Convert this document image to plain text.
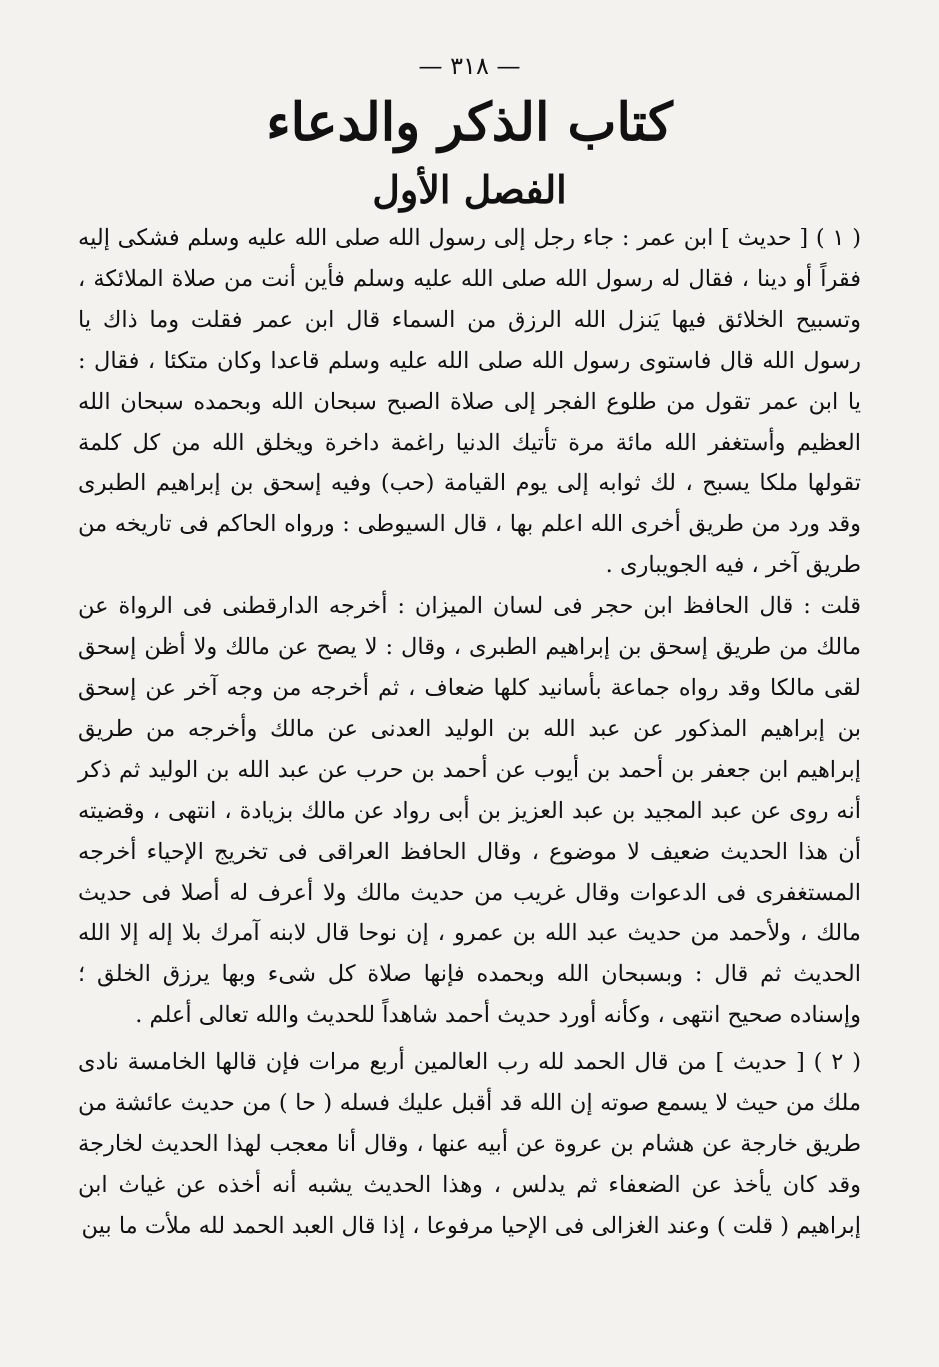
— ٣١٨ —
كتاب الذكر والدعاء
الفصل الأول

( ١ ) [ حديث ] ابن عمر : جاء رجل إلى رسول الله صلى الله عليه وسلم فشكى إليه فقراً أو دينا ، فقال له رسول الله صلى الله عليه وسلم فأين أنت من صلاة الملائكة ، وتسبيح الخلائق فيها يَنزل الله الرزق من السماء قال ابن عمر فقلت وما ذاك يا رسول الله قال فاستوى رسول الله صلى الله عليه وسلم قاعدا وكان متكئا ، فقال : يا ابن عمر تقول من طلوع الفجر إلى صلاة الصبح سبحان الله وبحمده سبحان الله العظيم وأستغفر الله مائة مرة تأتيك الدنيا راغمة داخرة ويخلق الله من كل كلمة تقولها ملكا يسبح ، لك ثوابه إلى يوم القيامة (حب) وفيه إسحق بن إبراهيم الطبرى وقد ورد من طريق أخرى الله اعلم بها ، قال السيوطى : ورواه الحاكم فى تاريخه من طريق آخر ، فيه الجويبارى .

قلت : قال الحافظ ابن حجر فى لسان الميزان : أخرجه الدارقطنى فى الرواة عن مالك من طريق إسحق بن إبراهيم الطبرى ، وقال : لا يصح عن مالك ولا أظن إسحق لقى مالكا وقد رواه جماعة بأسانيد كلها ضعاف ، ثم أخرجه من وجه آخر عن إسحق بن إبراهيم المذكور عن عبد الله بن الوليد العدنى عن مالك وأخرجه من طريق إبراهيم ابن جعفر بن أحمد بن أيوب عن أحمد بن حرب عن عبد الله بن الوليد ثم ذكر أنه روى عن عبد المجيد بن عبد العزيز بن أبى رواد عن مالك بزيادة ، انتهى ، وقضيته أن هذا الحديث ضعيف لا موضوع ، وقال الحافظ العراقى فى تخريج الإحياء أخرجه المستغفرى فى الدعوات وقال غريب من حديث مالك ولا أعرف له أصلا فى حديث مالك ، ولأحمد من حديث عبد الله بن عمرو ، إن نوحا قال لابنه آمرك بلا إله إلا الله الحديث ثم قال : وبسبحان الله وبحمده فإنها صلاة كل شىء وبها يرزق الخلق ؛ وإسناده صحيح انتهى ، وكأنه أورد حديث أحمد شاهداً للحديث والله تعالى أعلم .

( ٢ ) [ حديث ] من قال الحمد لله رب العالمين أربع مرات فإن قالها الخامسة نادى ملك من حيث لا يسمع صوته إن الله قد أقبل عليك فسله ( حا ) من حديث عائشة من طريق خارجة عن هشام بن عروة عن أبيه عنها ، وقال أنا معجب لهذا الحديث لخارجة وقد كان يأخذ عن الضعفاء ثم يدلس ، وهذا الحديث يشبه أنه أخذه عن غياث ابن إبراهيم ( قلت ) وعند الغزالى فى الإحيا مرفوعا ، إذا قال العبد الحمد لله ملأت ما بين
